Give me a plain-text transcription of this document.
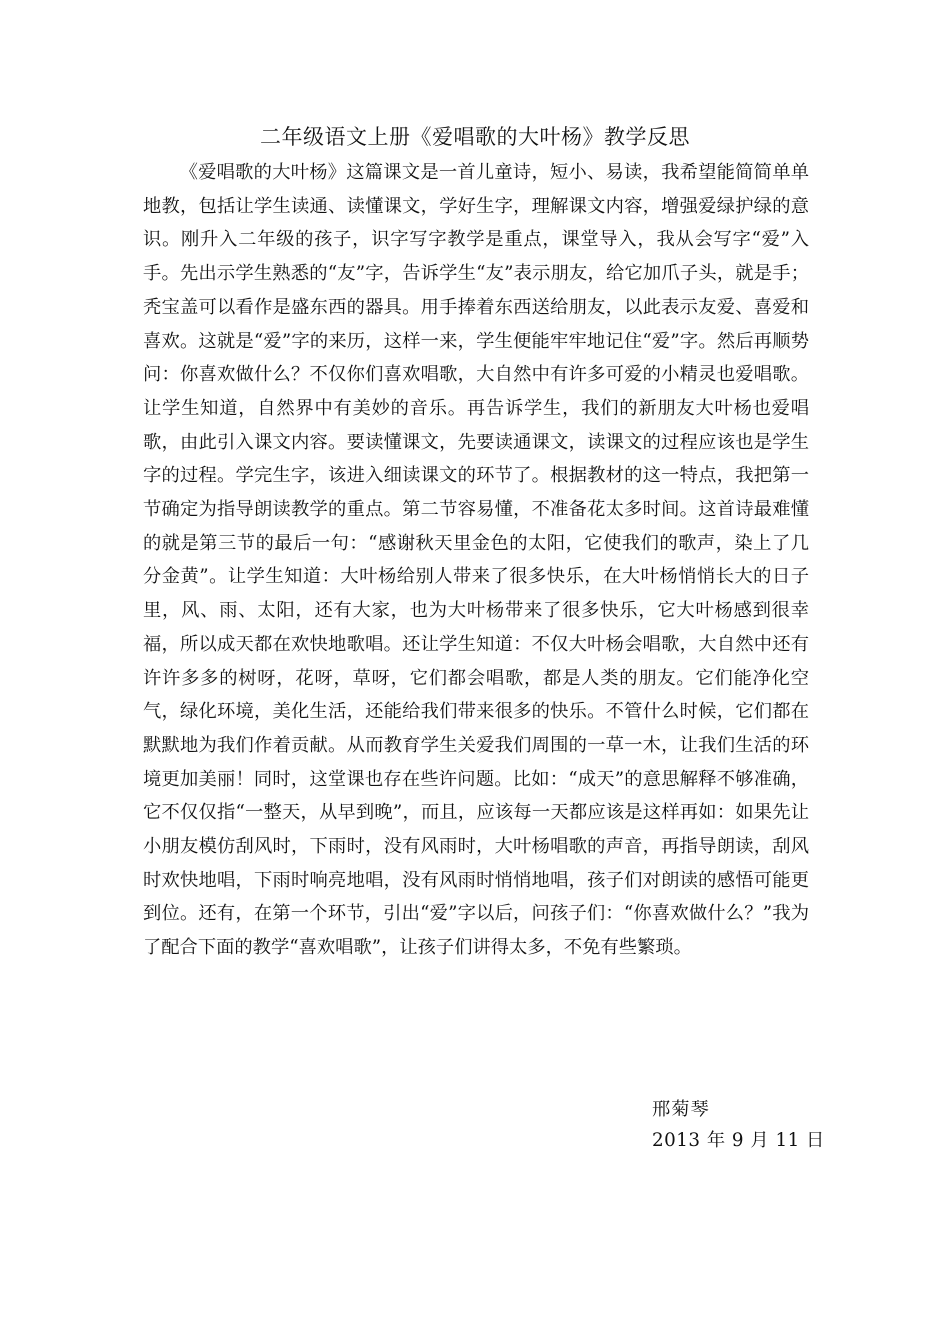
二年级语文上册《爱唱歌的大叶杨》教学反思

《爱唱歌的大叶杨》这篇课文是一首儿童诗，短小、易读，我希望能简简单单地教，包括让学生读通、读懂课文，学好生字，理解课文内容，增强爱绿护绿的意识。刚升入二年级的孩子，识字写字教学是重点，课堂导入，我从会写字“爱”入手。先出示学生熟悉的“友”字，告诉学生“友”表示朋友，给它加爪子头，就是手；秃宝盖可以看作是盛东西的器具。用手捧着东西送给朋友，以此表示友爱、喜爱和喜欢。这就是“爱”字的来历，这样一来，学生便能牢牢地记住“爱”字。然后再顺势问：你喜欢做什么？不仅你们喜欢唱歌，大自然中有许多可爱的小精灵也爱唱歌。让学生知道，自然界中有美妙的音乐。再告诉学生，我们的新朋友大叶杨也爱唱歌，由此引入课文内容。要读懂课文，先要读通课文，读课文的过程应该也是学生字的过程。学完生字，该进入细读课文的环节了。根据教材的这一特点，我把第一节确定为指导朗读教学的重点。第二节容易懂，不准备花太多时间。这首诗最难懂的就是第三节的最后一句：“感谢秋天里金色的太阳，它使我们的歌声，染上了几分金黄”。让学生知道：大叶杨给别人带来了很多快乐，在大叶杨悄悄长大的日子里，风、雨、太阳，还有大家，也为大叶杨带来了很多快乐，它大叶杨感到很幸福，所以成天都在欢快地歌唱。还让学生知道：不仅大叶杨会唱歌，大自然中还有许许多多的树呀，花呀，草呀，它们都会唱歌，都是人类的朋友。它们能净化空气，绿化环境，美化生活，还能给我们带来很多的快乐。不管什么时候，它们都在默默地为我们作着贡献。从而教育学生关爱我们周围的一草一木，让我们生活的环境更加美丽！同时，这堂课也存在些许问题。比如：“成天”的意思解释不够准确，它不仅仅指“一整天，从早到晚”，而且，应该每一天都应该是这样再如：如果先让小朋友模仿刮风时，下雨时，没有风雨时，大叶杨唱歌的声音，再指导朗读，刮风时欢快地唱，下雨时响亮地唱，没有风雨时悄悄地唱，孩子们对朗读的感悟可能更到位。还有，在第一个环节，引出“爱”字以后，问孩子们：“你喜欢做什么？”我为了配合下面的教学“喜欢唱歌”，让孩子们讲得太多，不免有些繁琐。

邢菊琴
2013 年 9 月 11 日
